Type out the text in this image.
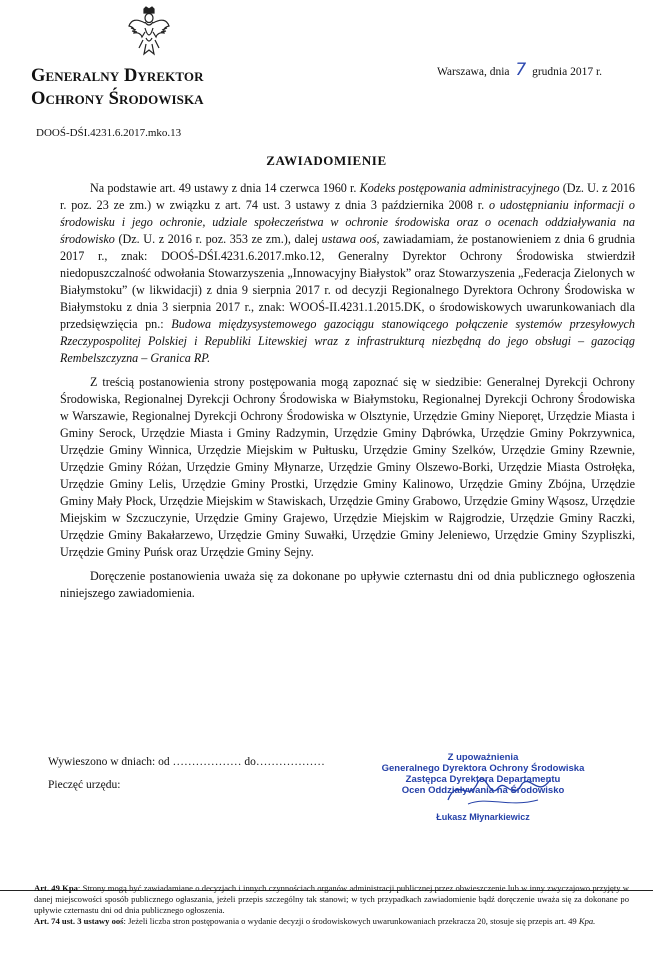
Generalny Dyrektor
Ochrony Środowiska
Warszawa, dnia 7 grudnia 2017 r.
DOOŚ-DŚI.4231.6.2017.mko.13
ZAWIADOMIENIE

Na podstawie art. 49 ustawy z dnia 14 czerwca 1960 r. Kodeks postępowania administracyjnego (Dz. U. z 2016 r. poz. 23 ze zm.) w związku z art. 74 ust. 3 ustawy z dnia 3 października 2008 r. o udostępnianiu informacji o środowisku i jego ochronie, udziale społeczeństwa w ochronie środowiska oraz o ocenach oddziaływania na środowisko (Dz. U. z 2016 r. poz. 353 ze zm.), dalej ustawa ooś, zawiadamiam, że postanowieniem z dnia 6 grudnia 2017 r., znak: DOOŚ-DŚI.4231.6.2017.mko.12, Generalny Dyrektor Ochrony Środowiska stwierdził niedopuszczalność odwołania Stowarzyszenia „Innowacyjny Białystok” oraz Stowarzyszenia „Federacja Zielonych w Białymstoku” (w likwidacji) z dnia 9 sierpnia 2017 r. od decyzji Regionalnego Dyrektora Ochrony Środowiska w Białymstoku z dnia 3 sierpnia 2017 r., znak: WOOŚ-II.4231.1.2015.DK, o środowiskowych uwarunkowaniach dla przedsięwzięcia pn.: Budowa międzysystemowego gazociągu stanowiącego połączenie systemów przesyłowych Rzeczypospolitej Polskiej i Republiki Litewskiej wraz z infrastrukturą niezbędną do jego obsługi – gazociąg Rembelszczyzna – Granica RP.

Z treścią postanowienia strony postępowania mogą zapoznać się w siedzibie: Generalnej Dyrekcji Ochrony Środowiska, Regionalnej Dyrekcji Ochrony Środowiska w Białymstoku, Regionalnej Dyrekcji Ochrony Środowiska w Warszawie, Regionalnej Dyrekcji Ochrony Środowiska w Olsztynie, Urzędzie Gminy Nieporęt, Urzędzie Miasta i Gminy Serock, Urzędzie Miasta i Gminy Radzymin, Urzędzie Gminy Dąbrówka, Urzędzie Gminy Pokrzywnica, Urzędzie Gminy Winnica, Urzędzie Miejskim w Pułtusku, Urzędzie Gminy Szelków, Urzędzie Gminy Rzewnie, Urzędzie Gminy Różan, Urzędzie Gminy Młynarze, Urzędzie Gminy Olszewo-Borki, Urzędzie Miasta Ostrołęka, Urzędzie Gminy Lelis, Urzędzie Gminy Prostki, Urzędzie Gminy Kalinowo, Urzędzie Gminy Zbójna, Urzędzie Gminy Mały Płock, Urzędzie Miejskim w Stawiskach, Urzędzie Gminy Grabowo, Urzędzie Gminy Wąsosz, Urzędzie Miejskim w Szczuczynie, Urzędzie Gminy Grajewo, Urzędzie Miejskim w Rajgrodzie, Urzędzie Gminy Raczki, Urzędzie Gminy Bakałarzewo, Urzędzie Gminy Suwałki, Urzędzie Gminy Jeleniewo, Urzędzie Gminy Szypliszki, Urzędzie Gminy Puńsk oraz Urzędzie Gminy Sejny.

Doręczenie postanowienia uważa się za dokonane po upływie czternastu dni od dnia publicznego ogłoszenia niniejszego zawiadomienia.

Wywieszono w dniach: od ……………… do………………
Pieczęć urzędu:
Z upoważnienia
Generalnego Dyrektora Ochrony Środowiska
Zastępca Dyrektora Departamentu
Ocen Oddziaływania na Środowisko
Łukasz Młynarkiewicz

Art. 49 Kpa: Strony mogą być zawiadamiane o decyzjach i innych czynnościach organów administracji publicznej przez obwieszczenie lub w inny zwyczajowo przyjęty w danej miejscowości sposób publicznego ogłaszania, jeżeli przepis szczególny tak stanowi; w tych przypadkach zawiadomienie bądź doręczenie uważa się za dokonane po upływie czternastu dni od dnia publicznego ogłoszenia.

Art. 74 ust. 3 ustawy ooś: Jeżeli liczba stron postępowania o wydanie decyzji o środowiskowych uwarunkowaniach przekracza 20, stosuje się przepis art. 49 Kpa.
